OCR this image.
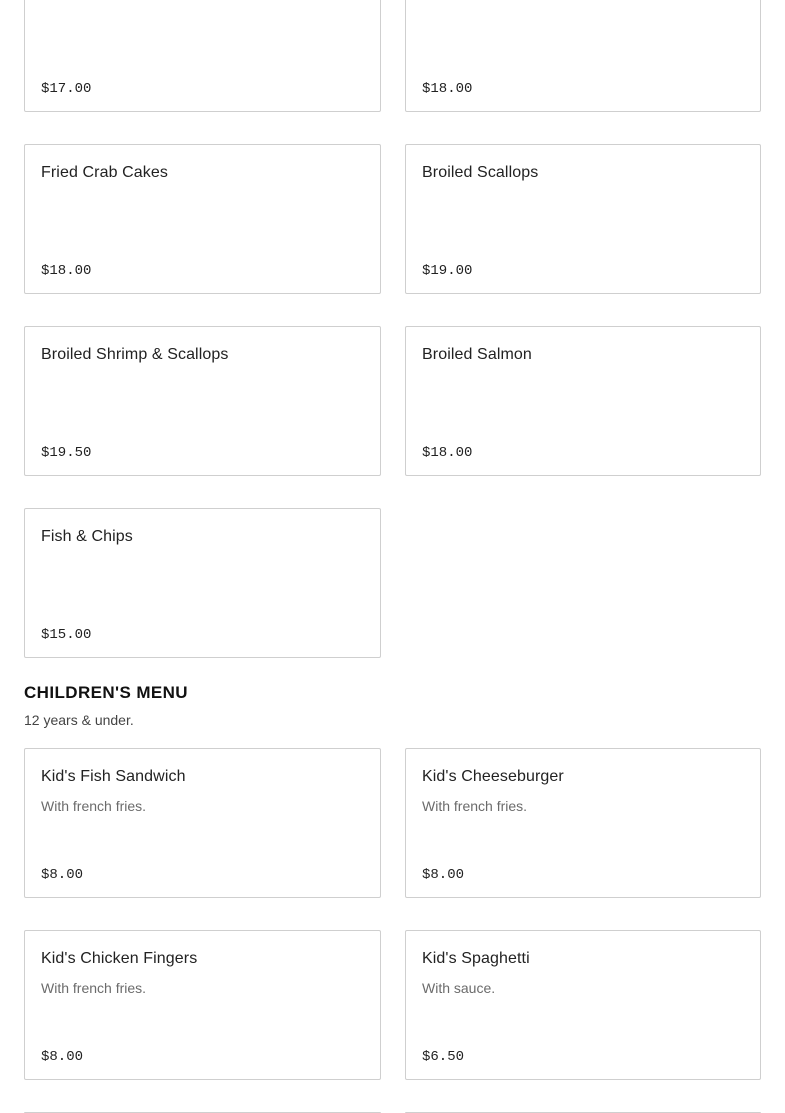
$17.00	$18.00
Fried Crab Cakes
$18.00
Broiled Scallops
$19.00
Broiled Shrimp & Scallops
$19.50
Broiled Salmon
$18.00
Fish & Chips
$15.00
CHILDREN'S MENU
12 years & under.
Kid's Fish Sandwich
With french fries.
$8.00
Kid's Cheeseburger
With french fries.
$8.00
Kid's Chicken Fingers
With french fries.
$8.00
Kid's Spaghetti
With sauce.
$6.50
